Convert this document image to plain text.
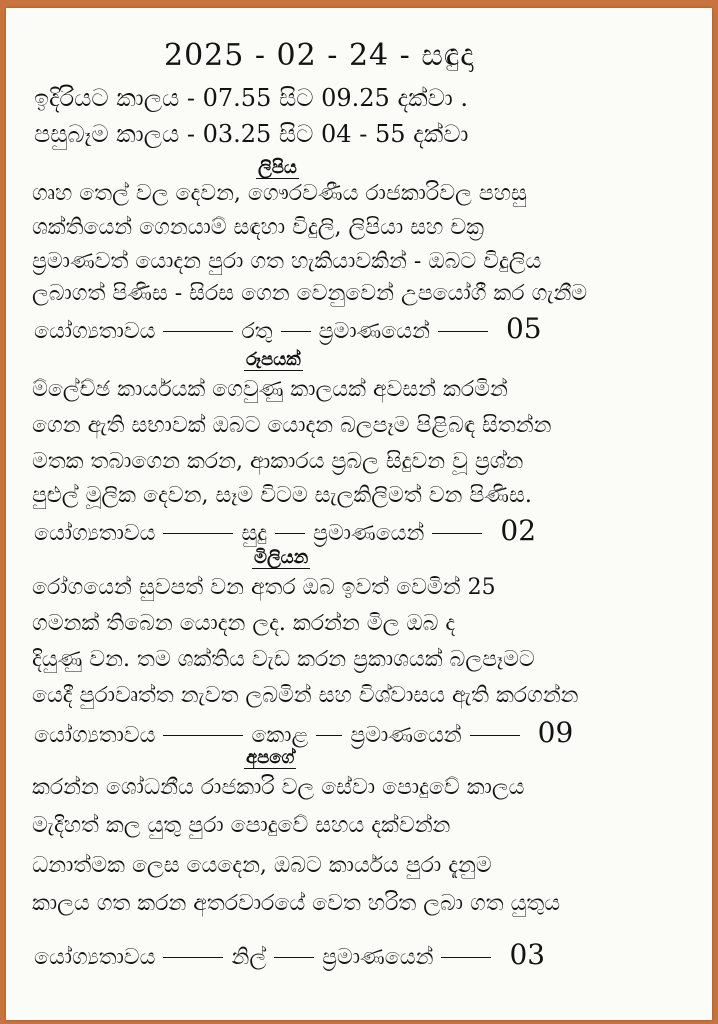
2025 - 02 - 24 - සඳුදා
ඉදිරියට කාලය - 07.55 සිට 09.25 දක්වා .
පසුබෑම කාලය - 03.25 සිට 04 - 55 දක්වා
ලිපිය
ගෘහ තෙල් වල දෙවන, ගෞරවණීය රාජකාරිවල පහසු
ශක්තියෙන් ගෙනයාම් සඳහා විදුලි, ලිපියා සහ චක්‍ර
ප්‍රමාණවත් යොදන පුරා ගත හැකියාවකින් - ඔබට විදුලිය
ලබාගත් පිණිස - සිරස ගෙන වෙනුවෙන් උපයෝගී කර ගැනීම
යෝග්‍යතාවය	රතු ප්‍රමාණයෙන්	05
රූපයක්
ම්ලේච්ඡ කාර්යයක් ගෙවුණු කාලයක් අවසන් කරමින්
ගෙන ඇති සභාවක් ඔබට යොදන බලපෑම පිළිබඳ සිතන්න
මතක තබාගෙන කරන, ආකාරය ප්‍රබල සිදුවන වූ ප්‍රශ්න
පුළුල් මූලික දෙවන, සෑම විටම සැලකිලිමත් වන පිණිස.
යෝග්‍යතාවය	සුදු ප්‍රමාණයෙන්	02
මිලියන
රෝගයෙන් සුවපත් වන අතර ඔබ ඉවත් වෙමින් 25
ගමනක් තිබෙන යොදන ලද. කරන්න මිල ඔබ ද
දියුණු වන. තම ශක්තිය වැඩ කරන ප්‍රකාශයක් බලපෑමට
යෙදී පුරාවෘත්ත නැවත ලබමින් සහ විශ්වාසය ඇති කරගන්න
යෝග්‍යතාවය	කොළ ප්‍රමාණයෙන්	09
අපගේ
කරන්න ශෝධනීය රාජකාරි වල සේවා පොදුවේ කාලය
මැදිහත් කල යුතු පුරා පොදුවේ සහය දක්වන්න
ධනාත්මක ලෙස යෙදෙන, ඔබට කාර්යය පුරා දැනුම
කාලය ගත කරන අතරවාරයේ වෙත හරිත ලබා ගත යුතුය
යෝග්‍යතාවය	නිල්	ප්‍රමාණයෙන්	03
